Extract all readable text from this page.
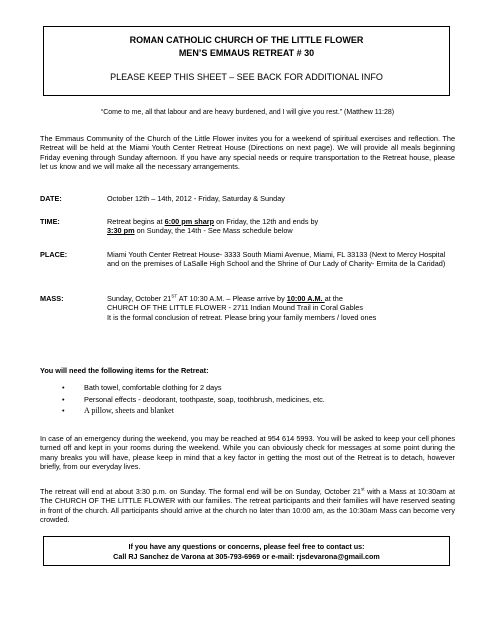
ROMAN CATHOLIC CHURCH OF THE LITTLE FLOWER
MEN’S EMMAUS RETREAT # 30
PLEASE KEEP THIS SHEET – SEE BACK FOR ADDITIONAL INFO
“Come to me, all that labour and are heavy burdened, and I will give you rest.” (Matthew 11:28)
The Emmaus Community of the Church of the Little Flower invites you for a weekend of spiritual exercises and reflection. The Retreat will be held at the Miami Youth Center Retreat House (Directions on next page). We will provide all meals beginning Friday evening through Sunday afternoon. If you have any special needs or require transportation to the Retreat house, please let us know and we will make all the necessary arrangements.
DATE:	October 12th – 14th, 2012 - Friday, Saturday & Sunday
TIME:	Retreat begins at 6:00 pm sharp on Friday, the 12th and ends by
3:30 pm on Sunday, the 14th - See Mass schedule below
PLACE:	Miami Youth Center Retreat House- 3333 South Miami Avenue, Miami, FL 33133 (Next to Mercy Hospital and on the premises of LaSalle High School and the Shrine of Our Lady of Charity- Ermita de la Caridad)
MASS:	Sunday, October 21ST AT 10:30 A.M. – Please arrive by 10:00 A.M. at the
CHURCH OF THE LITTLE FLOWER - 2711 Indian Mound Trail in Coral Gables
It is the formal conclusion of retreat. Please bring your family members / loved ones
You will need the following items for the Retreat:
•	Bath towel, comfortable clothing for 2 days
•	Personal effects - deodorant, toothpaste, soap, toothbrush, medicines, etc.
• A pillow, sheets and blanket
In case of an emergency during the weekend, you may be reached at 954 614 5993. You will be asked to keep your cell phones turned off and kept in your rooms during the weekend. While you can obviously check for messages at some point during the many breaks you will have, please keep in mind that a key factor in getting the most out of the Retreat is to detach, however briefly, from our everyday lives.
The retreat will end at about 3:30 p.m. on Sunday. The formal end will be on Sunday, October 21st with a Mass at 10:30am at The CHURCH OF THE LITTLE FLOWER with our families. The retreat participants and their families will have reserved seating in front of the church. All participants should arrive at the church no later than 10:00 am, as the 10:30am Mass can become very crowded.
If you have any questions or concerns, please feel free to contact us:
Call RJ Sanchez de Varona at 305-793-6969 or e-mail: rjsdevarona@gmail.com
